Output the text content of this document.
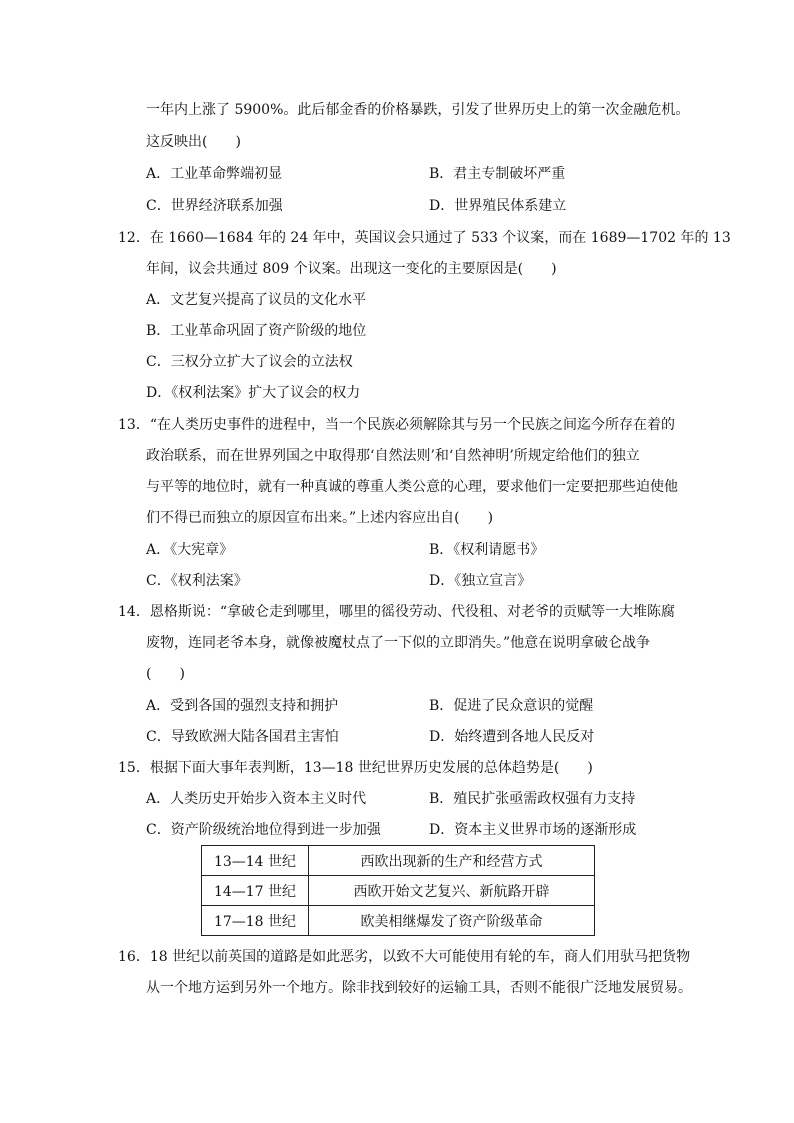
一年内上涨了 5900%。此后郁金香的价格暴跌，引发了世界历史上的第一次金融危机。
这反映出(　　)
A．工业革命弊端初显	B．君主专制破坏严重
C．世界经济联系加强	D．世界殖民体系建立
12．在 1660—1684 年的 24 年中，英国议会只通过了 533 个议案，而在 1689—1702 年的 13
年间，议会共通过 809 个议案。出现这一变化的主要原因是(　　)
A．文艺复兴提高了议员的文化水平
B．工业革命巩固了资产阶级的地位
C．三权分立扩大了议会的立法权
D．《权利法案》扩大了议会的权力
13．“在人类历史事件的进程中，当一个民族必须解除其与另一个民族之间迄今所存在着的
政治联系，而在世界列国之中取得那‘自然法则’和‘自然神明’所规定给他们的独立
与平等的地位时，就有一种真诚的尊重人类公意的心理，要求他们一定要把那些迫使他
们不得已而独立的原因宣布出来。”上述内容应出自(　　)
A．《大宪章》	B．《权利请愿书》
C．《权利法案》	D．《独立宣言》
14．恩格斯说：“拿破仑走到哪里，哪里的徭役劳动、代役租、对老爷的贡赋等一大堆陈腐
废物，连同老爷本身，就像被魔杖点了一下似的立即消失。”他意在说明拿破仑战争
(　　)
A．受到各国的强烈支持和拥护	B．促进了民众意识的觉醒
C．导致欧洲大陆各国君主害怕	D．始终遭到各地人民反对
15．根据下面大事年表判断，13—18 世纪世界历史发展的总体趋势是(　　)
A．人类历史开始步入资本主义时代	B．殖民扩张亟需政权强有力支持
C．资产阶级统治地位得到进一步加强	D．资本主义世界市场的逐渐形成
13—14 世纪	西欧出现新的生产和经营方式
14—17 世纪	西欧开始文艺复兴、新航路开辟
17—18 世纪	欧美相继爆发了资产阶级革命
16．18 世纪以前英国的道路是如此恶劣，以致不大可能使用有轮的车，商人们用驮马把货物
从一个地方运到另外一个地方。除非找到较好的运输工具，否则不能很广泛地发展贸易。
